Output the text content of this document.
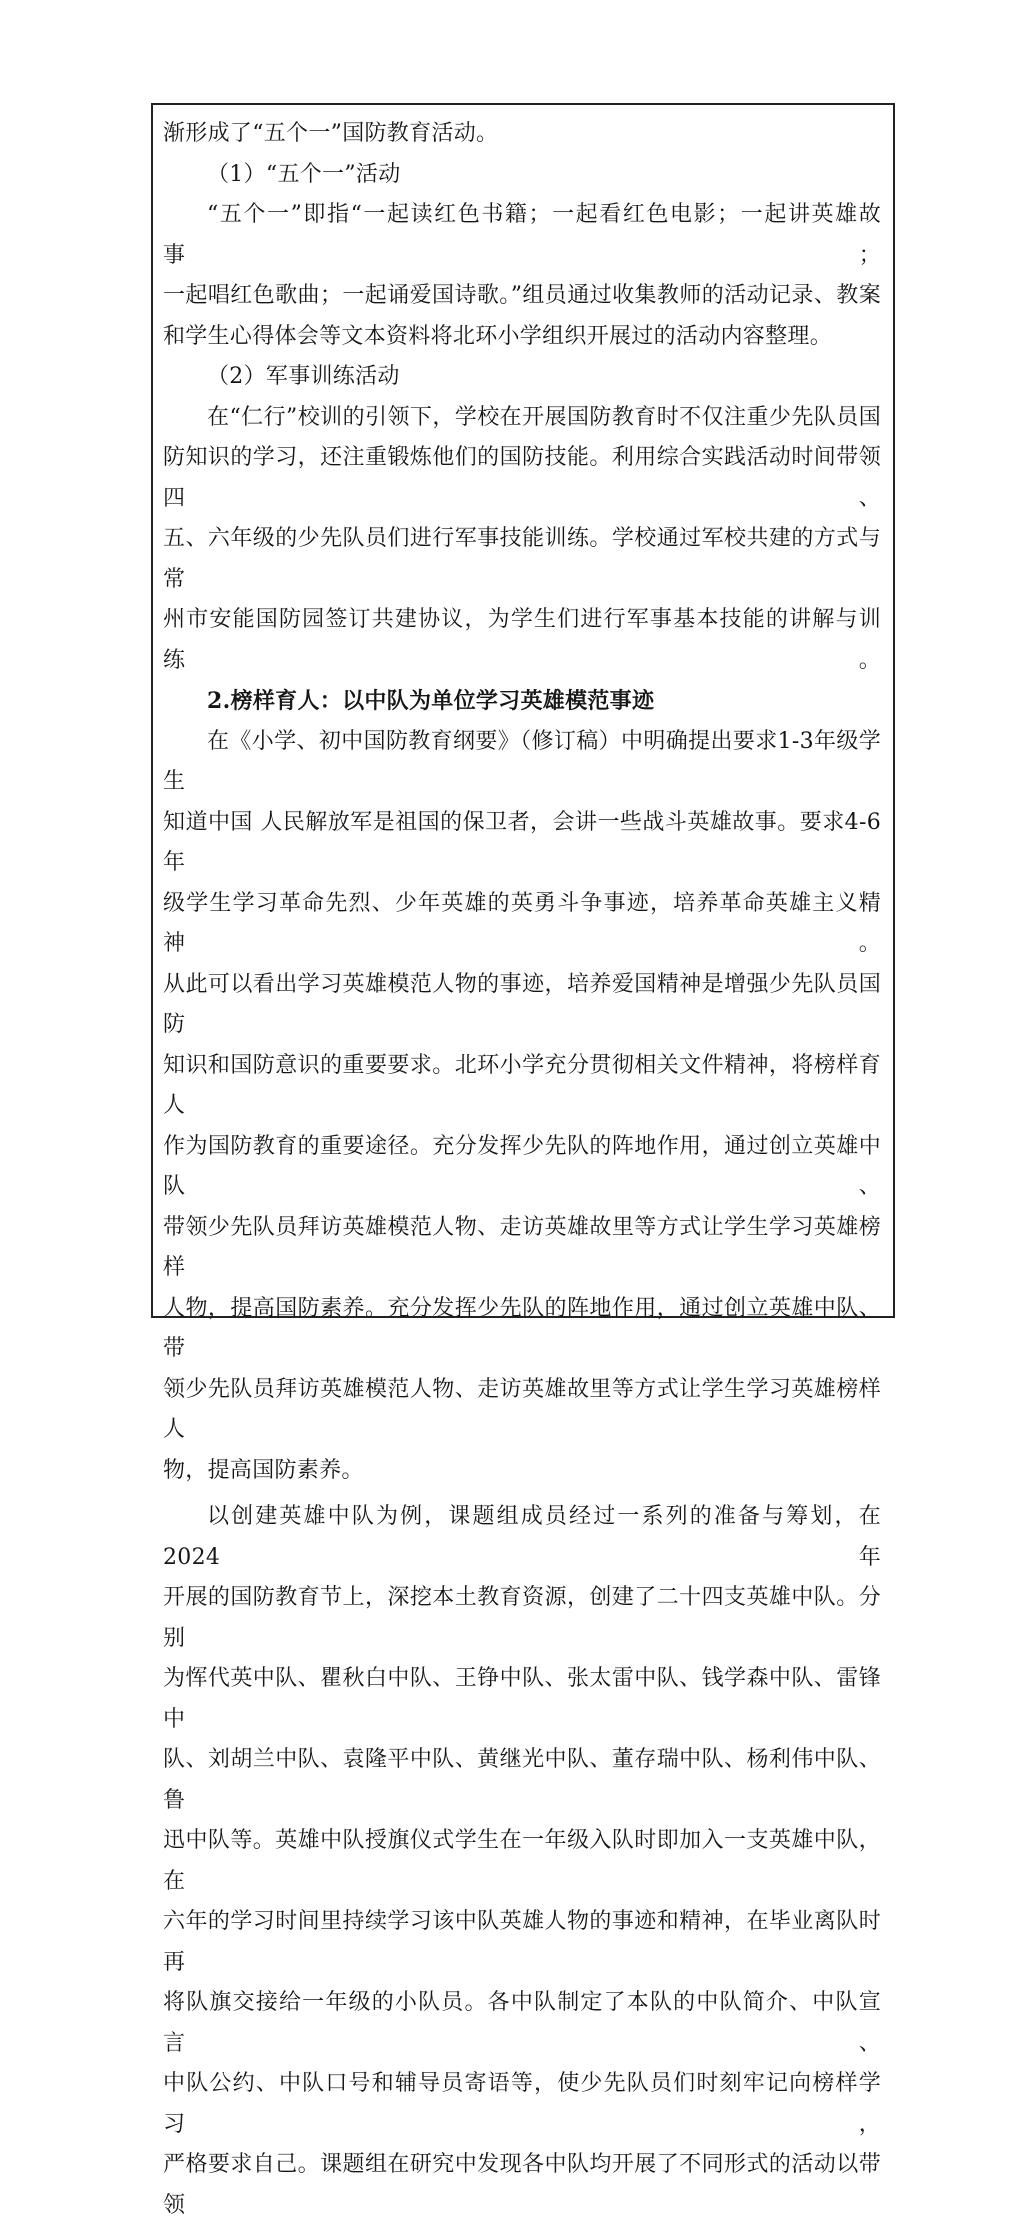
渐形成了“五个一”国防教育活动。

（1）“五个一”活动

“五个一”即指“一起读红色书籍；一起看红色电影；一起讲英雄故事；

一起唱红色歌曲；一起诵爱国诗歌。”组员通过收集教师的活动记录、教案

和学生心得体会等文本资料将北环小学组织开展过的活动内容整理。

（2）军事训练活动

在“仁行”校训的引领下，学校在开展国防教育时不仅注重少先队员国

防知识的学习，还注重锻炼他们的国防技能。利用综合实践活动时间带领四、

五、六年级的少先队员们进行军事技能训练。学校通过军校共建的方式与常

州市安能国防园签订共建协议，为学生们进行军事基本技能的讲解与训练。

2.榜样育人：以中队为单位学习英雄模范事迹

在《小学、初中国防教育纲要》（修订稿）中明确提出要求1-3年级学生

知道中国 人民解放军是祖国的保卫者，会讲一些战斗英雄故事。要求4-6年

级学生学习革命先烈、少年英雄的英勇斗争事迹，培养革命英雄主义精神。

从此可以看出学习英雄模范人物的事迹，培养爱国精神是增强少先队员国防

知识和国防意识的重要要求。北环小学充分贯彻相关文件精神，将榜样育人

作为国防教育的重要途径。充分发挥少先队的阵地作用，通过创立英雄中队、

带领少先队员拜访英雄模范人物、走访英雄故里等方式让学生学习英雄榜样

人物，提高国防素养。充分发挥少先队的阵地作用，通过创立英雄中队、带

领少先队员拜访英雄模范人物、走访英雄故里等方式让学生学习英雄榜样人

物，提高国防素养。

以创建英雄中队为例，课题组成员经过一系列的准备与筹划，在2024年

开展的国防教育节上，深挖本土教育资源，创建了二十四支英雄中队。分别

为恽代英中队、瞿秋白中队、王铮中队、张太雷中队、钱学森中队、雷锋中

队、刘胡兰中队、袁隆平中队、黄继光中队、董存瑞中队、杨利伟中队、鲁

迅中队等。英雄中队授旗仪式学生在一年级入队时即加入一支英雄中队，在

六年的学习时间里持续学习该中队英雄人物的事迹和精神，在毕业离队时再

将队旗交接给一年级的小队员。各中队制定了本队的中队简介、中队宣言、

中队公约、中队口号和辅导员寄语等，使少先队员们时刻牢记向榜样学习，

严格要求自己。课题组在研究中发现各中队均开展了不同形式的活动以带领
